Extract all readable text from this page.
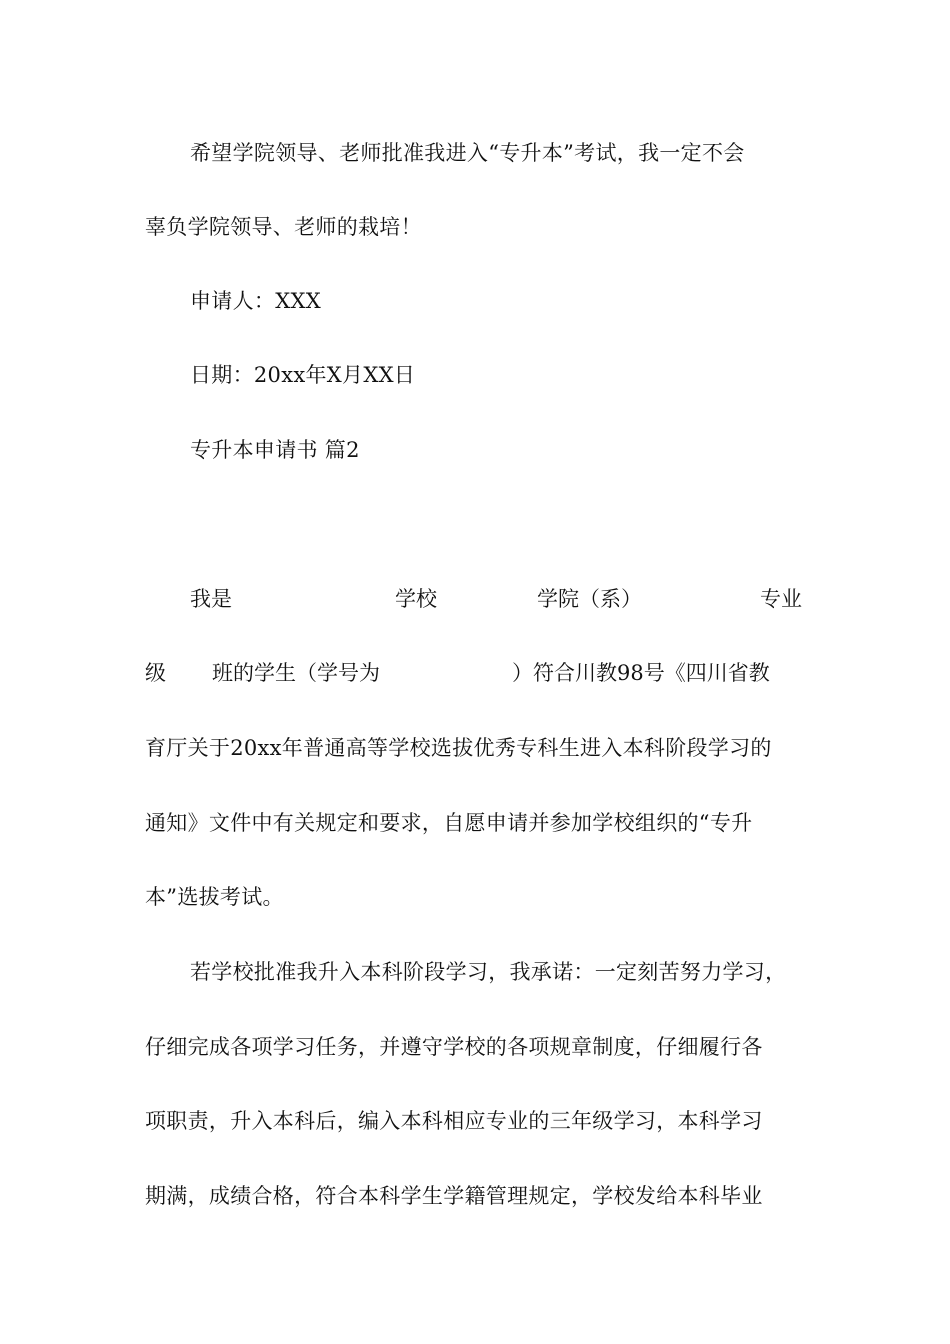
希望学院领导、老师批准我进入“专升本”考试，我一定不会
辜负学院领导、老师的栽培！
申请人：XXX
日期：20xx年X月XX日
专升本申请书 篇2
我是	学校	学院（系）	专业
级 班的学生（学号为	）符合川教98号《四川省教
育厅关于20xx年普通高等学校选拔优秀专科生进入本科阶段学习的
通知》文件中有关规定和要求，自愿申请并参加学校组织的“专升
本”选拔考试。
若学校批准我升入本科阶段学习，我承诺：一定刻苦努力学习，
仔细完成各项学习任务，并遵守学校的各项规章制度，仔细履行各
项职责，升入本科后，编入本科相应专业的三年级学习，本科学习
期满，成绩合格，符合本科学生学籍管理规定，学校发给本科毕业
